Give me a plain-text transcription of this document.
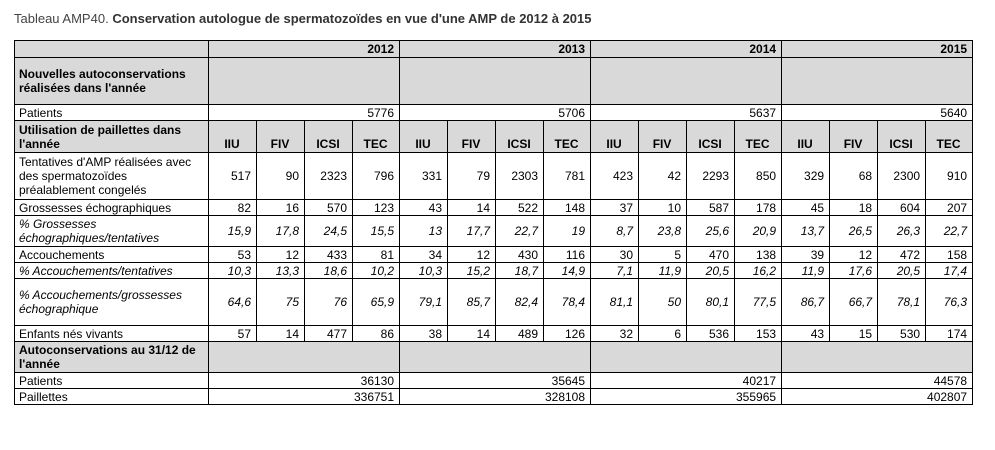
Tableau AMP40. Conservation autologue de spermatozoïdes en vue d'une AMP de 2012 à 2015
	2012				2013				2014				2015			
Nouvelles autoconservations réalisées dans l'année																
Patients	5776				5706				5637				5640			
Utilisation de paillettes dans l'année	IIU	FIV	ICSI	TEC	IIU	FIV	ICSI	TEC	IIU	FIV	ICSI	TEC	IIU	FIV	ICSI	TEC
Tentatives d'AMP réalisées avec des spermatozoïdes préalablement congelés	517	90	2323	796	331	79	2303	781	423	42	2293	850	329	68	2300	910
Grossesses échographiques	82	16	570	123	43	14	522	148	37	10	587	178	45	18	604	207
% Grossesses échographiques/tentatives	15,9	17,8	24,5	15,5	13	17,7	22,7	19	8,7	23,8	25,6	20,9	13,7	26,5	26,3	22,7
Accouchements	53	12	433	81	34	12	430	116	30	5	470	138	39	12	472	158
% Accouchements/tentatives	10,3	13,3	18,6	10,2	10,3	15,2	18,7	14,9	7,1	11,9	20,5	16,2	11,9	17,6	20,5	17,4
% Accouchements/grossesses échographique	64,6	75	76	65,9	79,1	85,7	82,4	78,4	81,1	50	80,1	77,5	86,7	66,7	78,1	76,3
Enfants nés vivants	57	14	477	86	38	14	489	126	32	6	536	153	43	15	530	174
Autoconservations au 31/12 de l'année																
Patients	36130				35645				40217				44578			
Paillettes	336751				328108				355965				402807			
